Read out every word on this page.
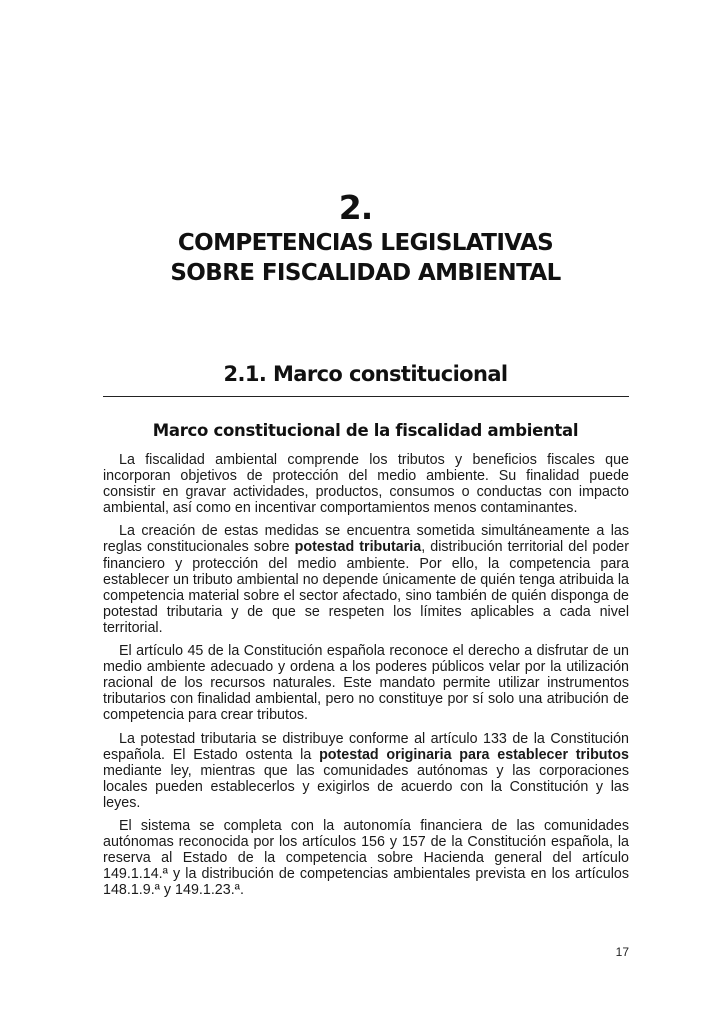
2.
COMPETENCIAS LEGISLATIVAS
SOBRE FISCALIDAD AMBIENTAL
2.1. Marco constitucional
Marco constitucional de la fiscalidad ambiental

La fiscalidad ambiental comprende los tributos y beneficios fiscales que incorporan objetivos de protección del medio ambiente. Su finalidad puede consistir en gravar actividades, productos, consumos o conductas con impacto ambiental, así como en incentivar comportamientos menos contaminantes.

La creación de estas medidas se encuentra sometida simultáneamente a las reglas constitucionales sobre potestad tributaria, distribución territorial del poder financiero y protección del medio ambiente. Por ello, la competencia para establecer un tributo ambiental no depende únicamente de quién tenga atribuida la competencia material sobre el sector afectado, sino también de quién disponga de potestad tributaria y de que se respeten los límites aplicables a cada nivel territorial.

El artículo 45 de la Constitución española reconoce el derecho a disfrutar de un medio ambiente adecuado y ordena a los poderes públicos velar por la utilización racional de los recursos naturales. Este mandato permite utilizar instrumentos tributarios con finalidad ambiental, pero no constituye por sí solo una atribución de competencia para crear tributos.

La potestad tributaria se distribuye conforme al artículo 133 de la Constitución española. El Estado ostenta la potestad originaria para establecer tributos mediante ley, mientras que las comunidades autónomas y las corporaciones locales pueden establecerlos y exigirlos de acuerdo con la Constitución y las leyes.

El sistema se completa con la autonomía financiera de las comunidades autónomas reconocida por los artículos 156 y 157 de la Constitución española, la reserva al Estado de la competencia sobre Hacienda general del artículo 149.1.14.ª y la distribución de competencias ambientales prevista en los artículos 148.1.9.ª y 149.1.23.ª.

17
